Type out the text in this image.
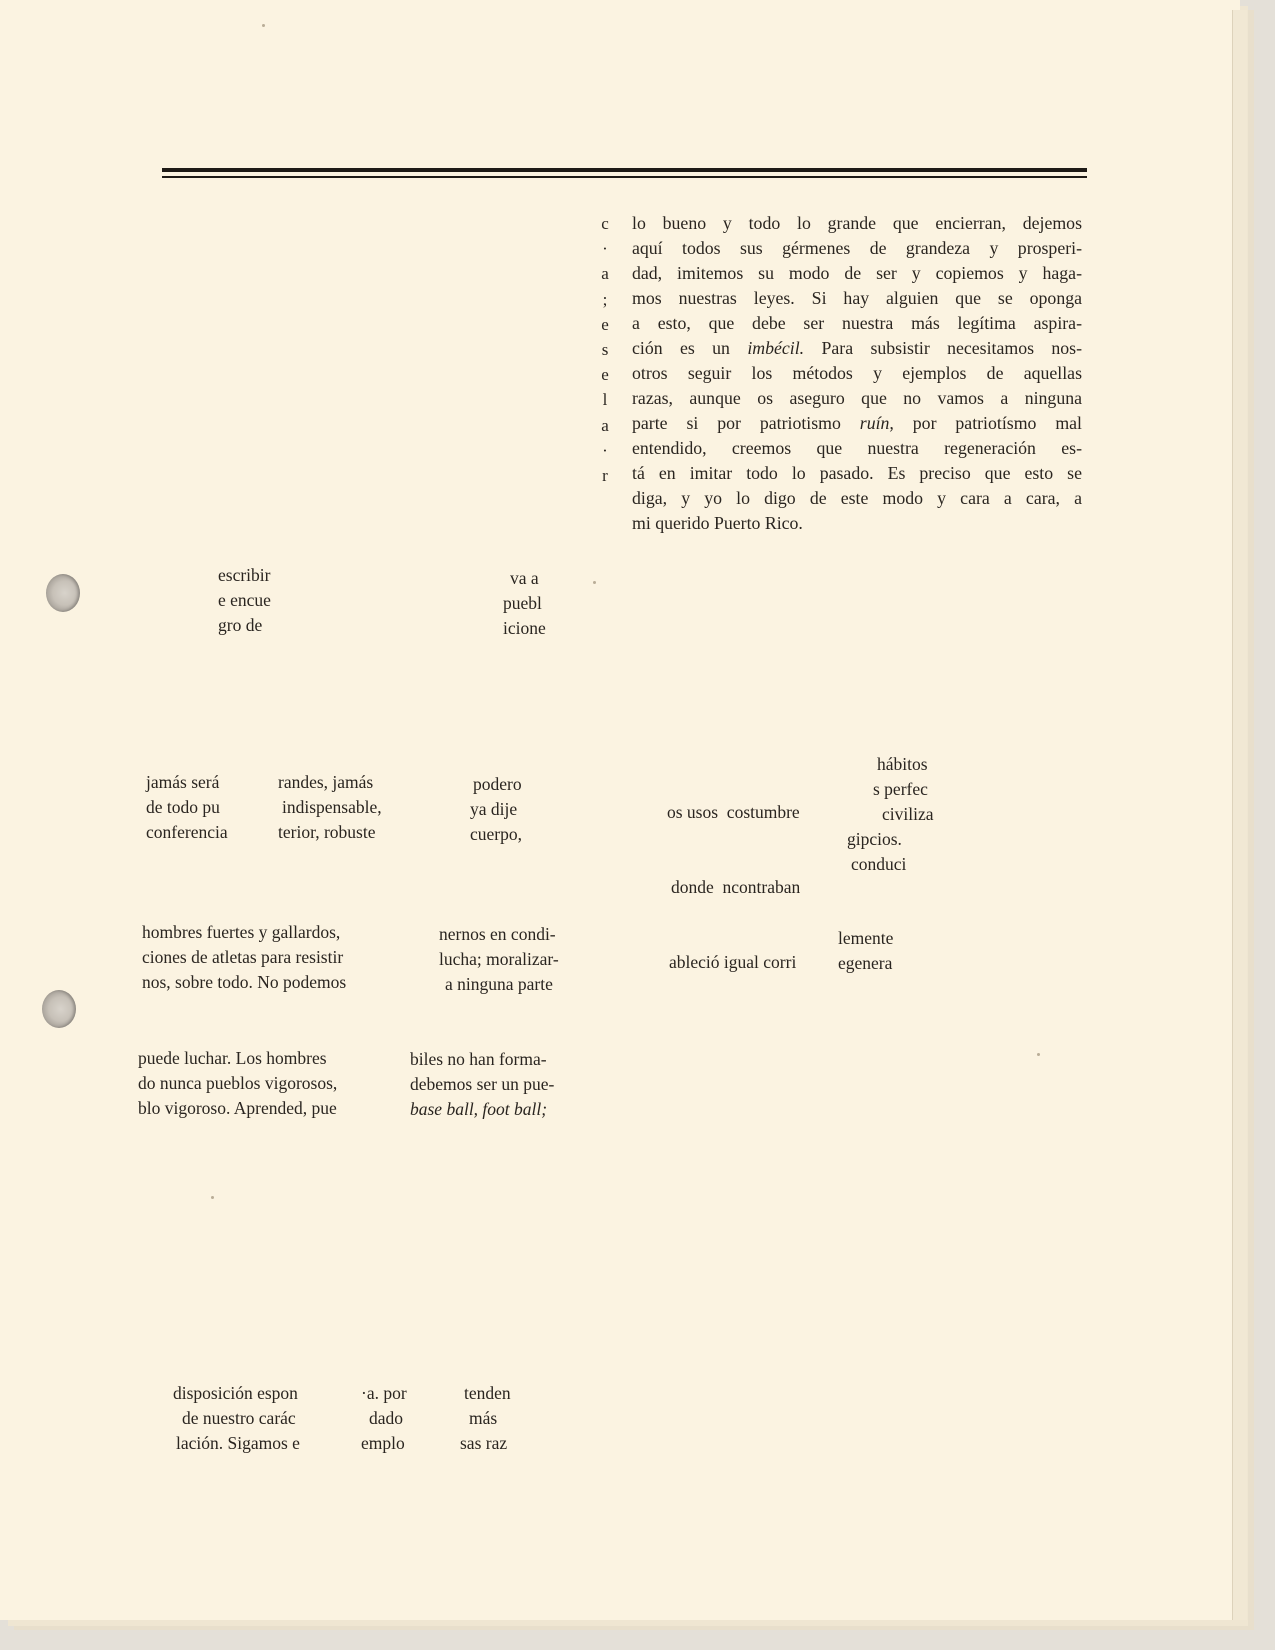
c
·
a
;
e
s
e
l
a
·
r
lo bueno y todo lo grande que encierran, dejemos
aquí todos sus gérmenes de grandeza y prosperi-
dad, imitemos su modo de ser y copiemos y haga-
mos nuestras leyes. Si hay alguien que se oponga
a esto, que debe ser nuestra más legítima aspira-
ción es un imbécil. Para subsistir necesitamos nos-
otros seguir los métodos y ejemplos de aquellas
razas, aunque os aseguro que no vamos a ninguna
parte si por patriotismo ruín, por patriotísmo mal
entendido, creemos que nuestra regeneración es-
tá en imitar todo lo pasado. Es preciso que esto se
diga, y yo lo digo de este modo y cara a cara, a
mi querido Puerto Rico.
escribir
e encue
gro de
va a
puebl
icione
jamás será
de todo pu
conferencia
randes, jamás
indispensable,
terior, robuste
podero
ya dije
cuerpo,

os usos  costumbre

donde  ncontraban

ableció igual corri

hábitos
s perfec
civiliza
gipcios.
conduci
hombres fuertes y gallardos,
ciones de atletas para resistir
nos, sobre todo. No podemos
nernos en condi-
lucha; moralizar-
a ninguna parte
lemente
egenera
puede luchar. Los hombres
do nunca pueblos vigorosos,
blo vigoroso. Aprended, pue
biles no han forma-
debemos ser un pue-
base ball, foot ball;
disposición espon
de nuestro carác
lación. Sigamos e
·a. por
dado
emplo
tenden
más
sas raz
